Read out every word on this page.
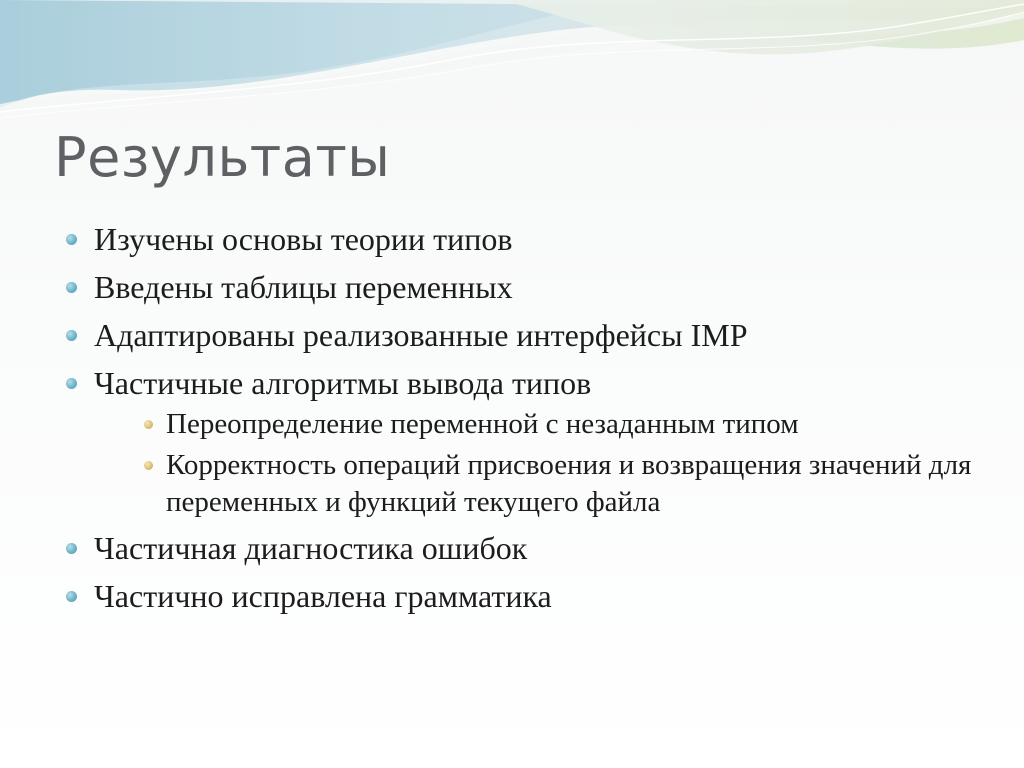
Результаты
Изучены основы теории типов
Введены таблицы переменных
Адаптированы реализованные интерфейсы IMP
Частичные алгоритмы вывода типов
Переопределение переменной с незаданным типом
Корректность операций присвоения и возвращения значений для переменных и функций текущего файла
Частичная диагностика ошибок
Частично исправлена грамматика
